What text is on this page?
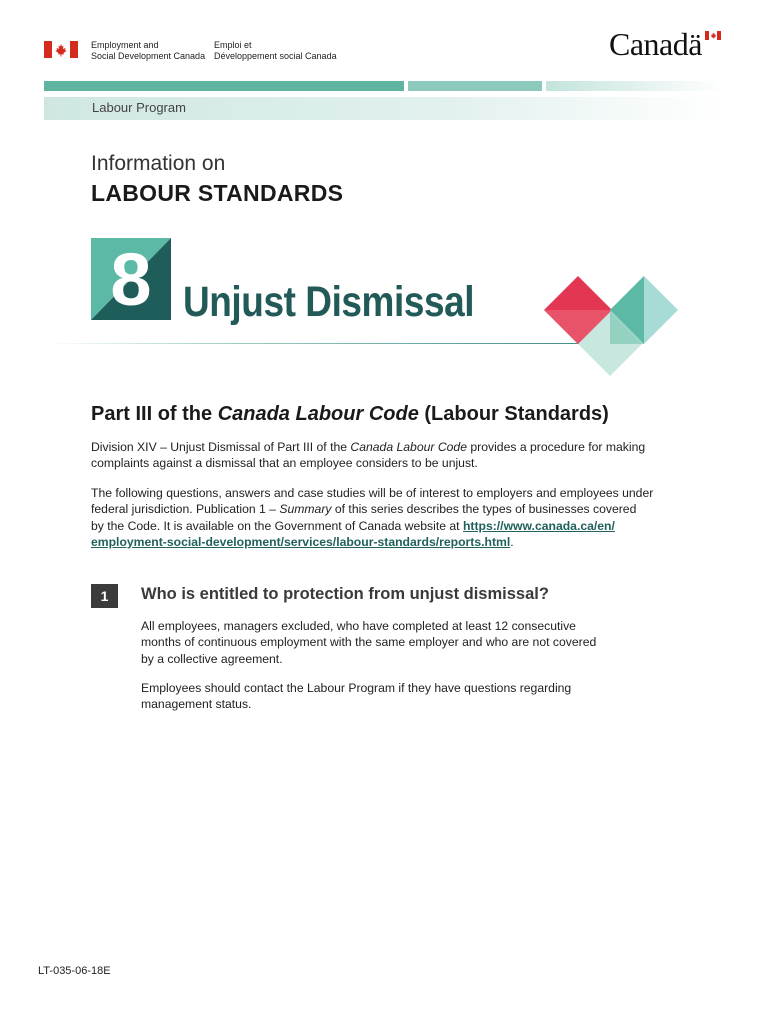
Employment and
Social Development Canada
Emploi et
Développement social Canada	Canadä
Labour Program
Information on
LABOUR STANDARDS
8 Unjust Dismissal
Part III of the Canada Labour Code (Labour Standards)
Division XIV – Unjust Dismissal of Part III of the Canada Labour Code provides a procedure for making
complaints against a dismissal that an employee considers to be unjust.
The following questions, answers and case studies will be of interest to employers and employees under
federal jurisdiction. Publication 1 – Summary of this series describes the types of businesses covered
by the Code. It is available on the Government of Canada website at https://www.canada.ca/en/
employment-social-development/services/labour-standards/reports.html.
1	Who is entitled to protection from unjust dismissal?
All employees, managers excluded, who have completed at least 12 consecutive
months of continuous employment with the same employer and who are not covered
by a collective agreement.
Employees should contact the Labour Program if they have questions regarding
management status.
LT-035-06-18E
